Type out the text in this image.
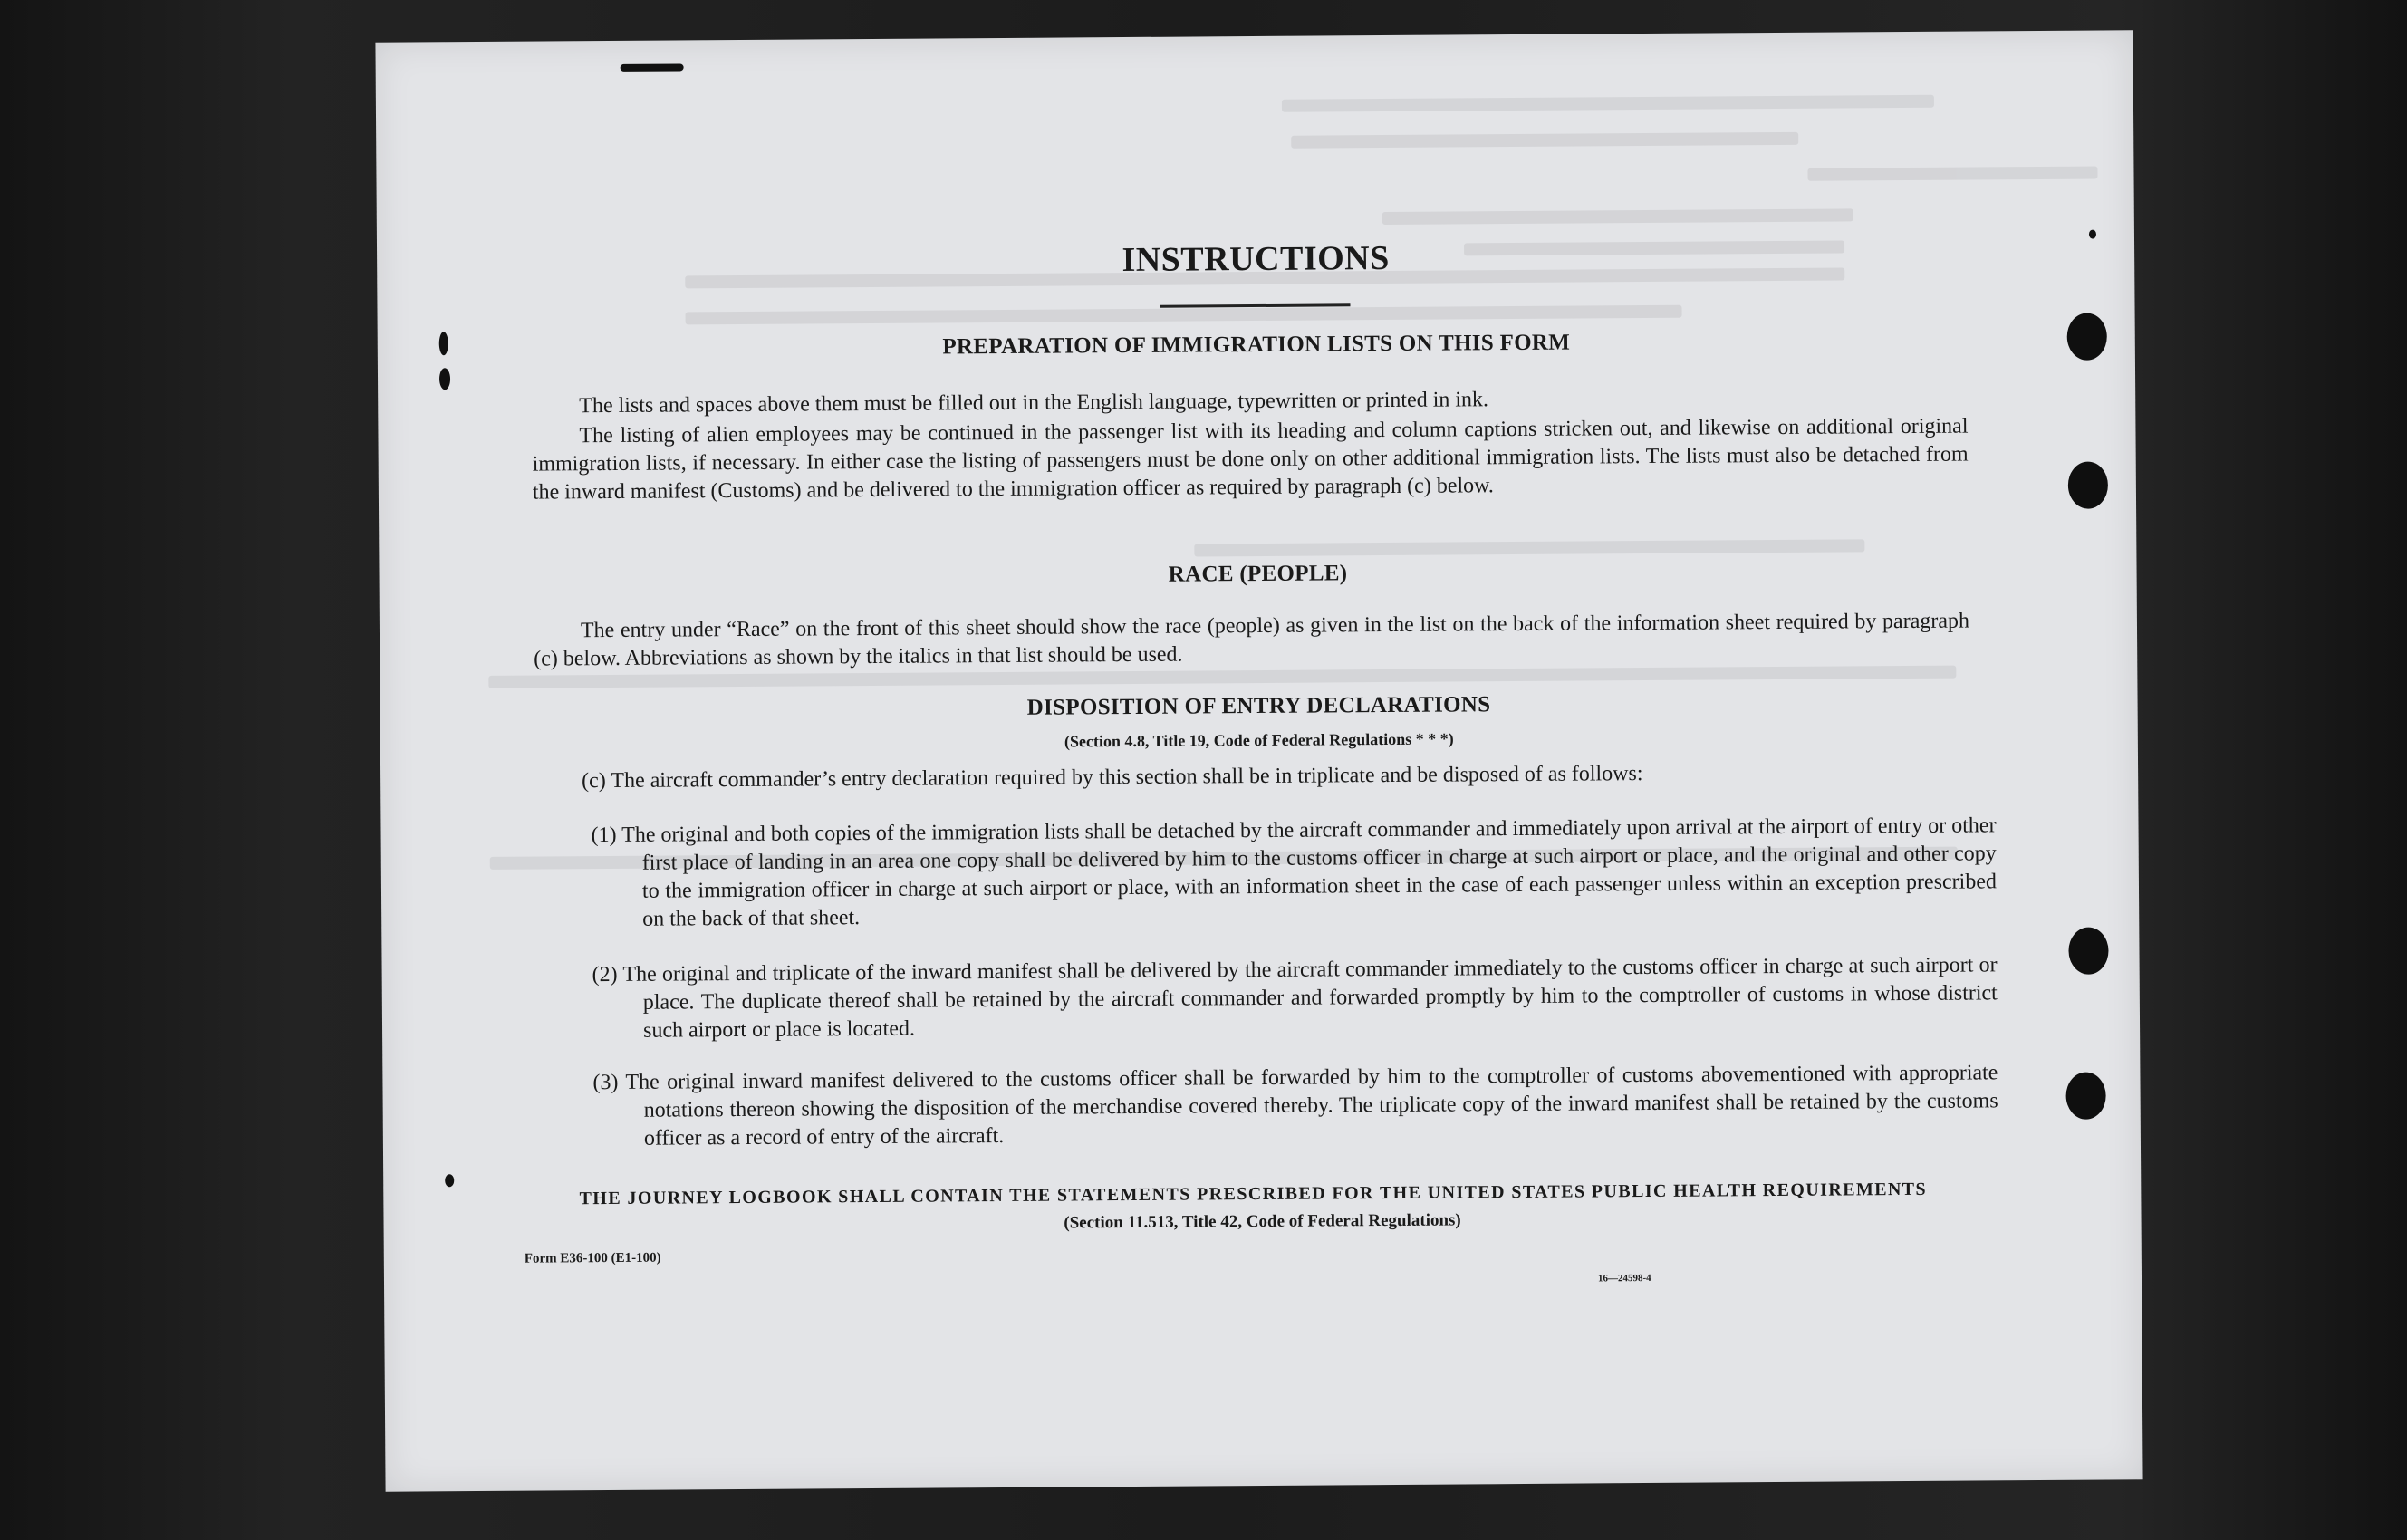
INSTRUCTIONS
PREPARATION OF IMMIGRATION LISTS ON THIS FORM
The lists and spaces above them must be filled out in the English language, typewritten or printed in ink.
The listing of alien employees may be continued in the passenger list with its heading and column captions stricken out, and likewise on additional original immigration lists, if necessary. In either case the listing of passengers must be done only on other additional immigration lists. The lists must also be detached from the inward manifest (Customs) and be delivered to the immigration officer as required by paragraph (c) below.
RACE (PEOPLE)
The entry under “Race” on the front of this sheet should show the race (people) as given in the list on the back of the information sheet required by paragraph (c) below. Abbreviations as shown by the italics in that list should be used.
DISPOSITION OF ENTRY DECLARATIONS
(Section 4.8, Title 19, Code of Federal Regulations * * *)
(c) The aircraft commander’s entry declaration required by this section shall be in triplicate and be disposed of as follows:
(1) The original and both copies of the immigration lists shall be detached by the aircraft commander and immediately upon arrival at the airport of entry or other first place of landing in an area one copy shall be delivered by him to the customs officer in charge at such airport or place, and the original and other copy to the immigration officer in charge at such airport or place, with an information sheet in the case of each passenger unless within an exception prescribed on the back of that sheet.
(2) The original and triplicate of the inward manifest shall be delivered by the aircraft commander immediately to the customs officer in charge at such airport or place. The duplicate thereof shall be retained by the aircraft commander and forwarded promptly by him to the comptroller of customs in whose district such airport or place is located.
(3) The original inward manifest delivered to the customs officer shall be forwarded by him to the comptroller of customs abovementioned with appropriate notations thereon showing the disposition of the merchandise covered thereby. The triplicate copy of the inward manifest shall be retained by the customs officer as a record of entry of the aircraft.
THE JOURNEY LOGBOOK SHALL CONTAIN THE STATEMENTS PRESCRIBED FOR THE UNITED STATES PUBLIC HEALTH REQUIREMENTS
(Section 11.513, Title 42, Code of Federal Regulations)
Form E36-100 (E1-100)
16—24598-4
